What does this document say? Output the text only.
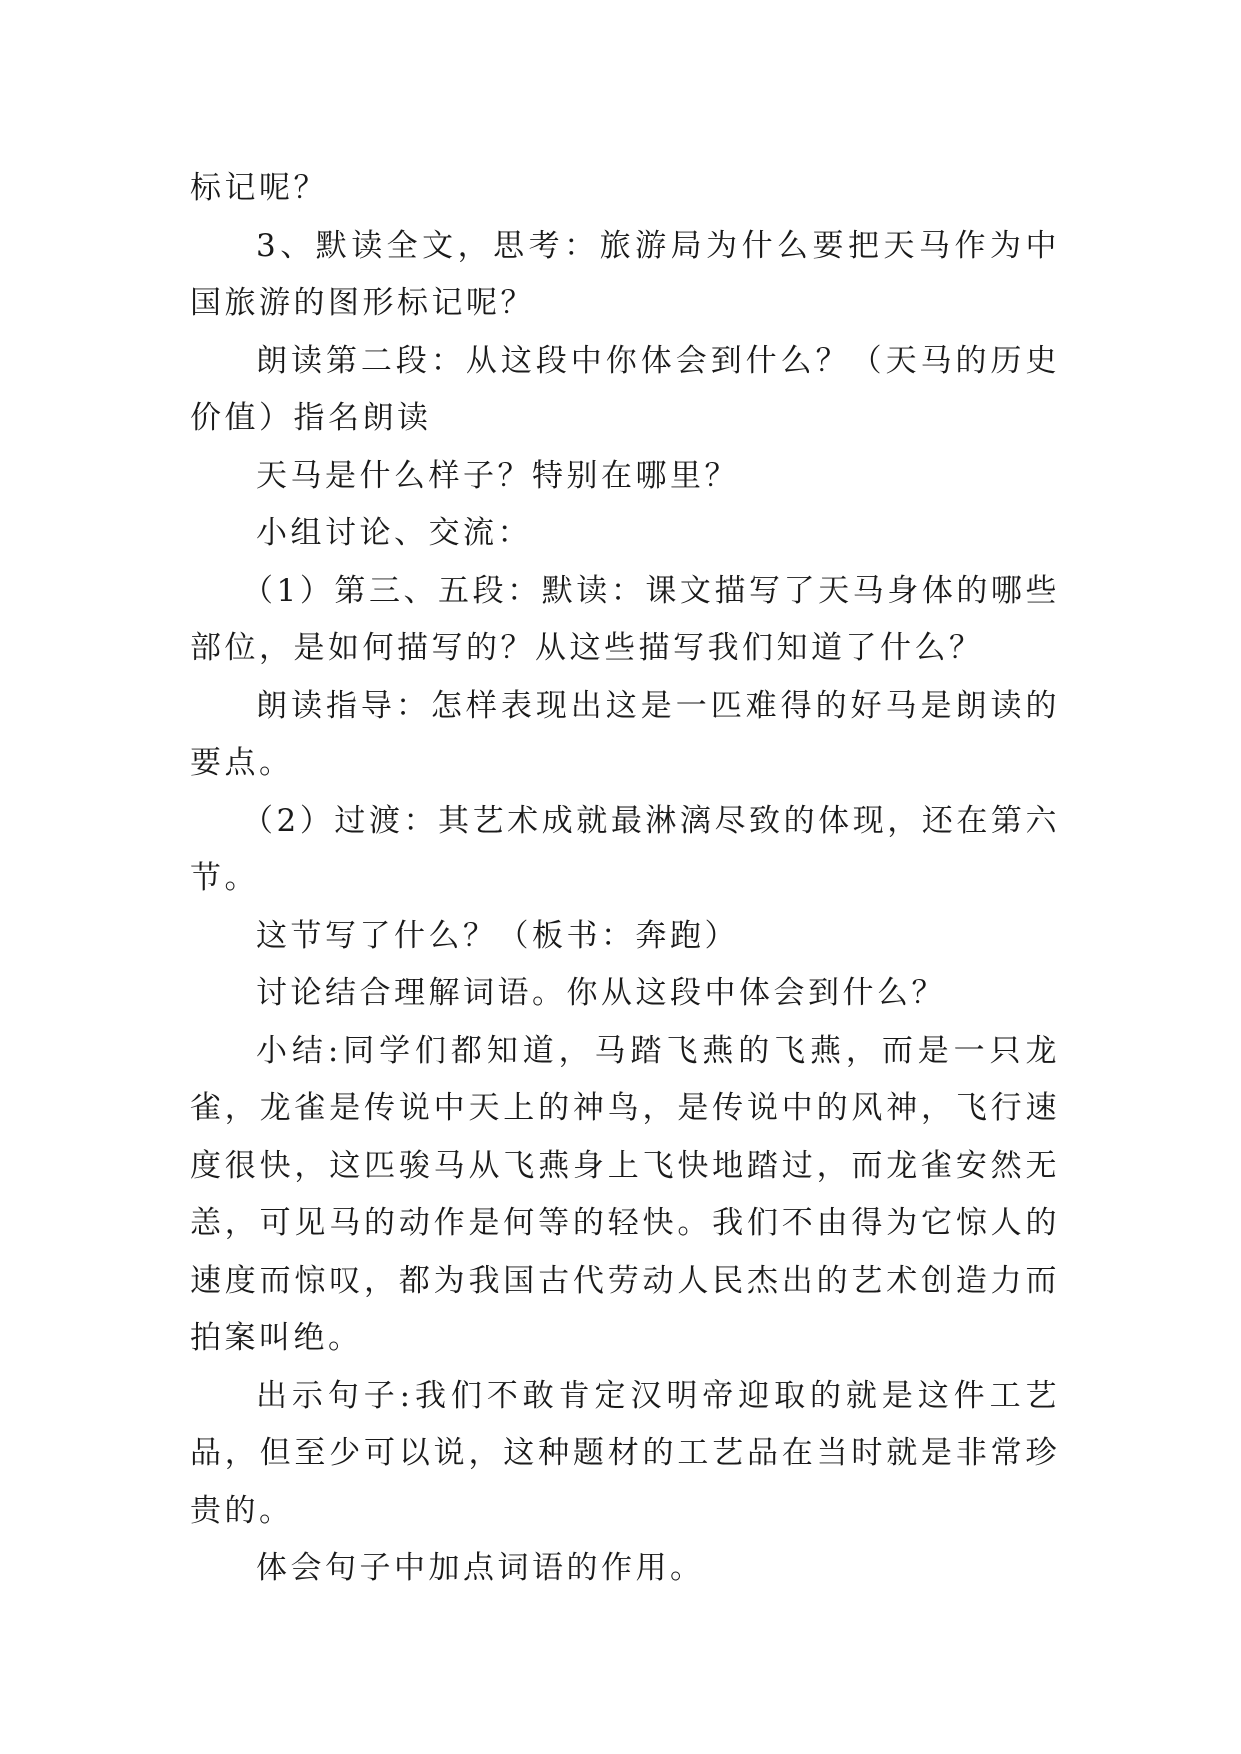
标记呢？

3、默读全文，思考：旅游局为什么要把天马作为中国旅游的图形标记呢？

朗读第二段：从这段中你体会到什么？（天马的历史价值）指名朗读

天马是什么样子？特别在哪里？

小组讨论、交流：

（1）第三、五段：默读：课文描写了天马身体的哪些部位，是如何描写的？从这些描写我们知道了什么？

朗读指导：怎样表现出这是一匹难得的好马是朗读的要点。

（2）过渡：其艺术成就最淋漓尽致的体现，还在第六节。

这节写了什么？（板书：奔跑）

讨论结合理解词语。你从这段中体会到什么？

小结:同学们都知道，马踏飞燕的飞燕，而是一只龙雀，龙雀是传说中天上的神鸟，是传说中的风神，飞行速度很快，这匹骏马从飞燕身上飞快地踏过，而龙雀安然无恙，可见马的动作是何等的轻快。我们不由得为它惊人的速度而惊叹，都为我国古代劳动人民杰出的艺术创造力而拍案叫绝。

出示句子:我们不敢肯定汉明帝迎取的就是这件工艺品，但至少可以说，这种题材的工艺品在当时就是非常珍贵的。

体会句子中加点词语的作用。
